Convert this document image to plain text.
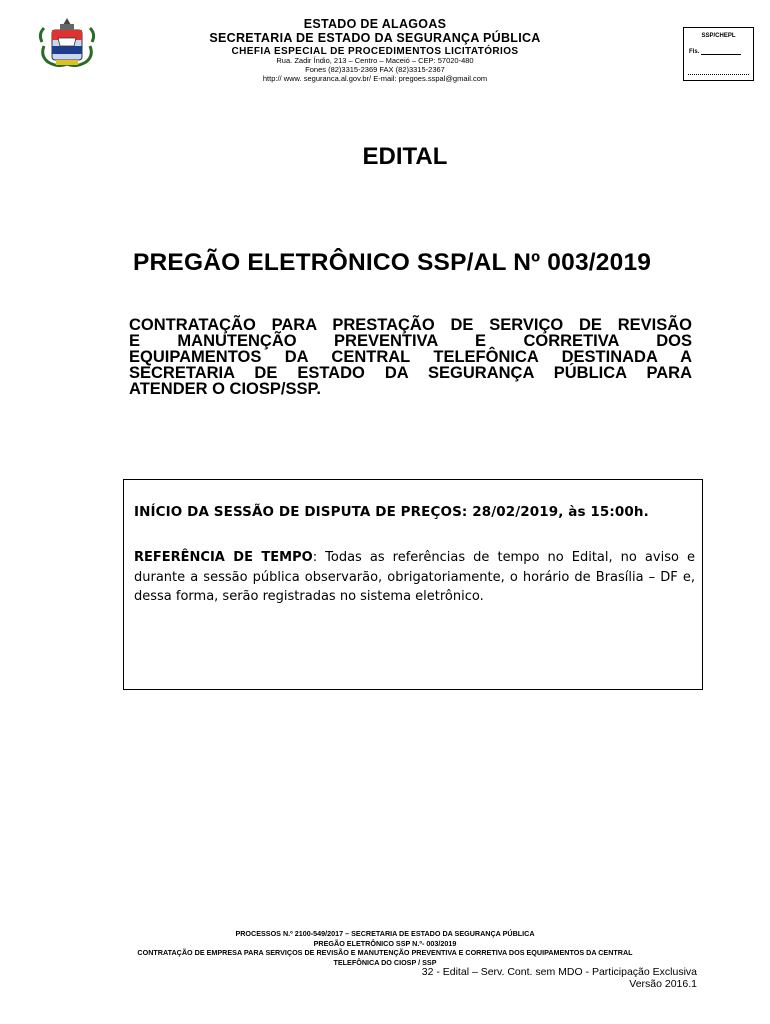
ESTADO DE ALAGOAS
SECRETARIA DE ESTADO DA SEGURANÇA PÚBLICA
CHEFIA ESPECIAL DE PROCEDIMENTOS LICITATÓRIOS
Rua. Zadir Índio, 213 – Centro – Maceió – CEP: 57020-480
Fones (82)3315-2369 FAX (82)3315-2367
http:// www. seguranca.al.gov.br/ E-mail: pregoes.sspal@gmail.com
SSP/CHEPL
Fls.
EDITAL
PREGÃO ELETRÔNICO SSP/AL Nº 003/2019
CONTRATAÇÃO PARA PRESTAÇÃO DE SERVIÇO DE REVISÃO
E MANUTENÇÃO PREVENTIVA E CORRETIVA DOS
EQUIPAMENTOS DA CENTRAL TELEFÔNICA DESTINADA A
SECRETARIA DE ESTADO DA SEGURANÇA PÚBLICA PARA
ATENDER O CIOSP/SSP.
INÍCIO DA SESSÃO DE DISPUTA DE PREÇOS: 28/02/2019, às 15:00h.
REFERÊNCIA DE TEMPO: Todas as referências de tempo no Edital, no aviso e durante a sessão pública observarão, obrigatoriamente, o horário de Brasília – DF e, dessa forma, serão registradas no sistema eletrônico.
PROCESSOS N.º 2100-549/2017 – SECRETARIA DE ESTADO DA SEGURANÇA PÚBLICA
PREGÃO ELETRÔNICO SSP N.º- 003/2019
CONTRATAÇÃO DE EMPRESA PARA SERVIÇOS DE REVISÃO E MANUTENÇÃO PREVENTIVA E CORRETIVA DOS EQUIPAMENTOS DA CENTRAL
TELEFÔNICA DO CIOSP / SSP
32 - Edital – Serv. Cont. sem MDO - Participação Exclusiva
Versão 2016.1
